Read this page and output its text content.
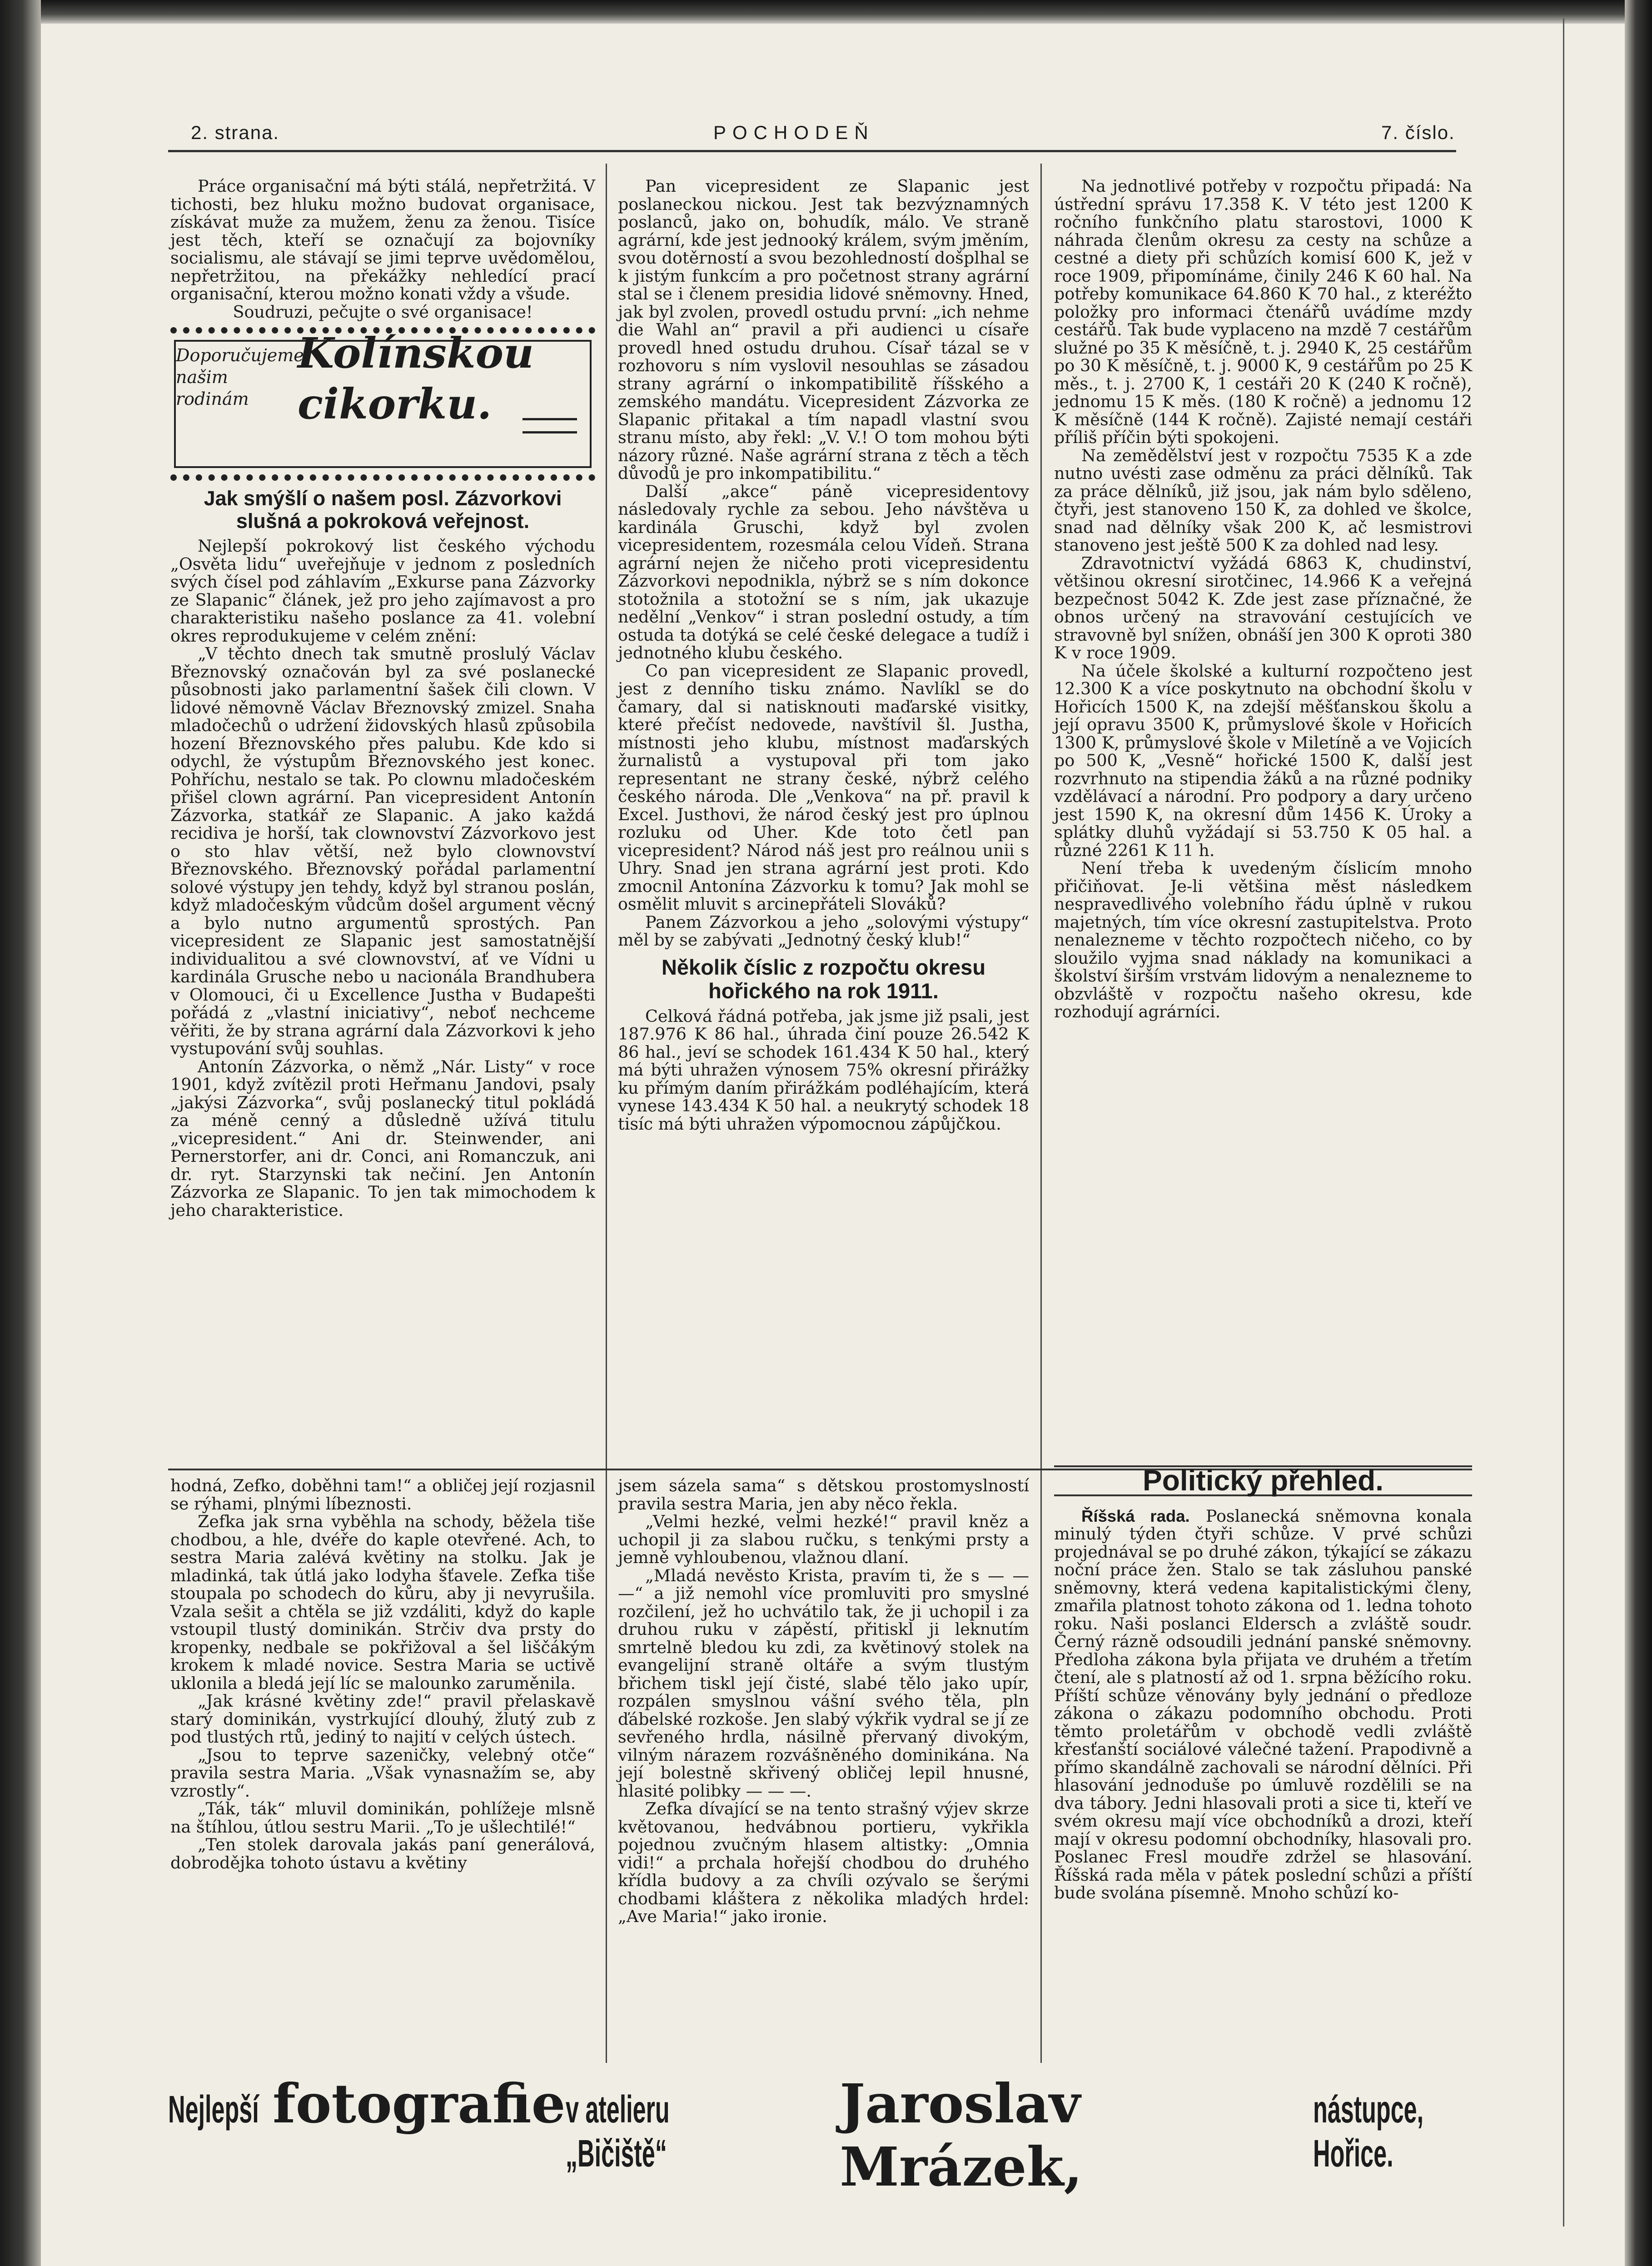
2. strana.	POCHODEŇ	7. číslo.

Práce organisační má býti stálá, nepřetržitá. V tichosti, bez hluku možno budovat organisace, získávat muže za mužem, ženu za ženou. Tisíce jest těch, kteří se označují za bojovníky socialismu, ale stávají se jimi teprve uvědomělou, nepřetržitou, na překážky nehledící prací organisační, kterou možno konati vždy a všude.

Soudruzi, pečujte o své organisace!

Doporučujeme našim rodinám
Kolínskou
cikorku.
Jak smýšlí o našem posl. Zázvorkovi slušná a pokroková veřejnost.

Nejlepší pokrokový list českého východu „Osvěta lidu“ uveřejňuje v jednom z posledních svých čísel pod záhlavím „Exkurse pana Zázvorky ze Slapanic“ článek, jež pro jeho zajímavost a pro charakteristiku našeho poslance za 41. volební okres reprodukujeme v celém znění:

„V těchto dnech tak smutně proslulý Václav Březnovský označován byl za své poslanecké působnosti jako parlamentní šašek čili clown. V lidové němovně Václav Březnovský zmizel. Snaha mladočechů o udržení židovských hlasů způsobila hození Březnovského přes palubu. Kde kdo si odychl, že výstupům Březnovského jest konec. Pohříchu, nestalo se tak. Po clownu mladočeském přišel clown agrární. Pan vicepresident Antonín Zázvorka, statkář ze Slapanic. A jako každá recidiva je horší, tak clownovství Zázvorkovo jest o sto hlav větší, než bylo clownovství Březnovského. Březnovský pořádal parlamentní solové výstupy jen tehdy, když byl stranou poslán, když mladočeským vůdcům došel argument věcný a bylo nutno argumentů sprostých. Pan vicepresident ze Slapanic jest samostatnější individualitou a své clownovství, ať ve Vídni u kardinála Grusche nebo u nacionála Brandhubera v Olomouci, či u Excellence Justha v Budapešti pořádá z „vlastní iniciativy“, neboť nechceme věřiti, že by strana agrární dala Zázvorkovi k jeho vystupování svůj souhlas.

Antonín Zázvorka, o němž „Nár. Listy“ v roce 1901, když zvítězil proti Heřmanu Jandovi, psaly „jakýsi Zázvorka“, svůj poslanecký titul pokládá za méně cenný a důsledně užívá titulu „vicepresident.“ Ani dr. Steinwender, ani Pernerstorfer, ani dr. Conci, ani Romanczuk, ani dr. ryt. Starzynski tak nečiní. Jen Antonín Zázvorka ze Slapanic. To jen tak mimochodem k jeho charakteristice.

Pan vicepresident ze Slapanic jest poslaneckou nickou. Jest tak bezvýznamných poslanců, jako on, bohudík, málo. Ve straně agrární, kde jest jednooký králem, svým jměním, svou dotěrností a svou bezohledností došplhal se k jistým funkcím a pro početnost strany agrární stal se i členem presidia lidové sněmovny. Hned, jak byl zvolen, provedl ostudu první: „ich nehme die Wahl an“ pravil a při audienci u císaře provedl hned ostudu druhou. Císař tázal se v rozhovoru s ním vyslovil nesouhlas se zásadou strany agrární o inkompatibilitě říšského a zemského mandátu. Vicepresident Zázvorka ze Slapanic přitakal a tím napadl vlastní svou stranu místo, aby řekl: „V. V.! O tom mohou býti názory různé. Naše agrární strana z těch a těch důvodů je pro inkompatibilitu.“

Další „akce“ páně vicepresidentovy následovaly rychle za sebou. Jeho návštěva u kardinála Gruschi, když byl zvolen vicepresidentem, rozesmála celou Vídeň. Strana agrární nejen že ničeho proti vicepresidentu Zázvorkovi nepodnikla, nýbrž se s ním dokonce stotožnila a stotožní se s ním, jak ukazuje nedělní „Venkov“ i stran poslední ostudy, a tím ostuda ta dotýká se celé české delegace a tudíž i jednotného klubu českého.

Co pan vicepresident ze Slapanic provedl, jest z denního tisku známo. Navlíkl se do čamary, dal si natisknouti maďarské visitky, které přečíst nedovede, navštívil šl. Justha, místnosti jeho klubu, místnost maďarských žurnalistů a vystupoval při tom jako representant ne strany české, nýbrž celého českého národa. Dle „Venkova“ na př. pravil k Excel. Justhovi, že národ český jest pro úplnou rozluku od Uher. Kde toto četl pan vicepresident? Národ náš jest pro reálnou unii s Uhry. Snad jen strana agrární jest proti. Kdo zmocnil Antonína Zázvorku k tomu? Jak mohl se osmělit mluvit s arcinepřáteli Slováků?

Panem Zázvorkou a jeho „solovými výstupy“ měl by se zabývati „Jednotný český klub!“

Několik číslic z rozpočtu okresu hořického na rok 1911.

Celková řádná potřeba, jak jsme již psali, jest 187.976 K 86 hal., úhrada činí pouze 26.542 K 86 hal., jeví se schodek 161.434 K 50 hal., který má býti uhražen výnosem 75% okresní přirážky ku přímým daním přirážkám podléhajícím, která vynese 143.434 K 50 hal. a neukrytý schodek 18 tisíc má býti uhražen výpomocnou zápůjčkou.

Na jednotlivé potřeby v rozpočtu připadá: Na ústřední správu 17.358 K. V této jest 1200 K ročního funkčního platu starostovi, 1000 K náhrada členům okresu za cesty na schůze a cestné a diety při schůzích komisí 600 K, jež v roce 1909, připomínáme, činily 246 K 60 hal. Na potřeby komunikace 64.860 K 70 hal., z kteréžto položky pro informaci čtenářů uvádíme mzdy cestářů. Tak bude vyplaceno na mzdě 7 cestářům služné po 35 K měsíčně, t. j. 2940 K, 25 cestářům po 30 K měsíčně, t. j. 9000 K, 9 cestářům po 25 K měs., t. j. 2700 K, 1 cestáři 20 K (240 K ročně), jednomu 15 K měs. (180 K ročně) a jednomu 12 K měsíčně (144 K ročně). Zajisté nemají cestáři příliš příčin býti spokojeni.

Na zemědělství jest v rozpočtu 7535 K a zde nutno uvésti zase odměnu za práci dělníků. Tak za práce dělníků, již jsou, jak nám bylo sděleno, čtyři, jest stanoveno 150 K, za dohled ve školce, snad nad dělníky však 200 K, ač lesmistrovi stanoveno jest ještě 500 K za dohled nad lesy.

Zdravotnictví vyžádá 6863 K, chudinství, většinou okresní sirotčinec, 14.966 K a veřejná bezpečnost 5042 K. Zde jest zase příznačné, že obnos určený na stravování cestujících ve stravovně byl snížen, obnáší jen 300 K oproti 380 K v roce 1909.

Na účele školské a kulturní rozpočteno jest 12.300 K a více poskytnuto na obchodní školu v Hořicích 1500 K, na zdejší měšťanskou školu a její opravu 3500 K, průmyslové škole v Hořicích 1300 K, průmyslové škole v Miletíně a ve Vojicích po 500 K, „Vesně“ hořické 1500 K, další jest rozvrhnuto na stipendia žáků a na různé podniky vzdělávací a národní. Pro podpory a dary určeno jest 1590 K, na okresní dům 1456 K. Úroky a splátky dluhů vyžádají si 53.750 K 05 hal. a různé 2261 K 11 h.

Není třeba k uvedeným číslicím mnoho přičiňovat. Je-li většina měst následkem nespravedlivého volebního řádu úplně v rukou majetných, tím více okresní zastupitelstva. Proto nenalezneme v těchto rozpočtech ničeho, co by sloužilo vyjma snad náklady na komunikaci a školství širším vrstvám lidovým a nenalezneme to obzvláště v rozpočtu našeho okresu, kde rozhodují agrárníci.

hodná, Zefko, doběhni tam!“ a obličej její rozjasnil se rýhami, plnými líbeznosti.

Zefka jak srna vyběhla na schody, běžela tiše chodbou, a hle, dvéře do kaple otevřené. Ach, to sestra Maria zalévá květiny na stolku. Jak je mladinká, tak útlá jako lodyha šťavele. Zefka tiše stoupala po schodech do kůru, aby ji nevyrušila. Vzala sešit a chtěla se již vzdáliti, když do kaple vstoupil tlustý dominikán. Strčiv dva prsty do kropenky, nedbale se pokřižoval a šel liščákým krokem k mladé novice. Sestra Maria se uctivě uklonila a bledá její líc se malounko zaruměnila.

„Jak krásné květiny zde!“ pravil přelaskavě starý dominikán, vystrkující dlouhý, žlutý zub z pod tlustých rtů, jediný to najití v celých ústech.

„Jsou to teprve sazeničky, velebný otče“ pravila sestra Maria. „Však vynasnažím se, aby vzrostly“.

„Ták, ták“ mluvil dominikán, pohlížeje mlsně na štíhlou, útlou sestru Marii. „To je ušlechtilé!“

„Ten stolek darovala jakás paní generálová, dobrodějka tohoto ústavu a květiny

jsem sázela sama“ s dětskou prostomyslností pravila sestra Maria, jen aby něco řekla.

„Velmi hezké, velmi hezké!“ pravil kněz a uchopil ji za slabou ručku, s tenkými prsty a jemně vyhloubenou, vlažnou dlaní.

„Mladá nevěsto Krista, pravím ti, že s — — —“ a již nemohl více promluviti pro smyslné rozčilení, jež ho uchvátilo tak, že ji uchopil i za druhou ruku v zápěstí, přitiskl ji leknutím smrtelně bledou ku zdi, za květinový stolek na evangelijní straně oltáře a svým tlustým břichem tiskl její čisté, slabé tělo jako upír, rozpálen smyslnou vášní svého těla, pln ďábelské rozkoše. Jen slabý výkřik vydral se jí ze sevřeného hrdla, násilně přervaný divokým, vilným nárazem rozvášněného dominikána. Na její bolestně skřivený obličej lepil hnusné, hlasité polibky — — —.

Zefka dívající se na tento strašný výjev skrze květovanou, hedvábnou portieru, vykřikla pojednou zvučným hlasem altistky: „Omnia vidi!“ a prchala hořejší chodbou do druhého křídla budovy a za chvíli ozývalo se šerými chodbami kláštera z několika mladých hrdel: „Ave Maria!“ jako ironie.

Politický přehled.

Říšská rada. Poslanecká sněmovna konala minulý týden čtyři schůze. V prvé schůzi projednával se po druhé zákon, týkající se zákazu noční práce žen. Stalo se tak zásluhou panské sněmovny, která vedena kapitalistickými členy, zmařila platnost tohoto zákona od 1. ledna tohoto roku. Naši poslanci Eldersch a zvláště soudr. Černý rázně odsoudili jednání panské sněmovny. Předloha zákona byla přijata ve druhém a třetím čtení, ale s platností až od 1. srpna běžícího roku. Příští schůze věnovány byly jednání o předloze zákona o zákazu podomního obchodu. Proti těmto proletářům v obchodě vedli zvláště křesťanští sociálové válečné tažení. Prapodivně a přímo skandálně zachovali se národní dělníci. Při hlasování jednoduše po úmluvě rozdělili se na dva tábory. Jedni hlasovali proti a sice ti, kteří ve svém okresu mají více obchodníků a drozi, kteří mají v okresu podomní obchodníky, hlasovali pro. Poslanec Fresl moudře zdržel se hlasování. Říšská rada měla v pátek poslední schůzi a příští bude svolána písemně. Mnoho schůzí ko-

Nejlepší fotografie v atelieru „Bičiště“
Jaroslav Mrázek,
nástupce, Hořice.
